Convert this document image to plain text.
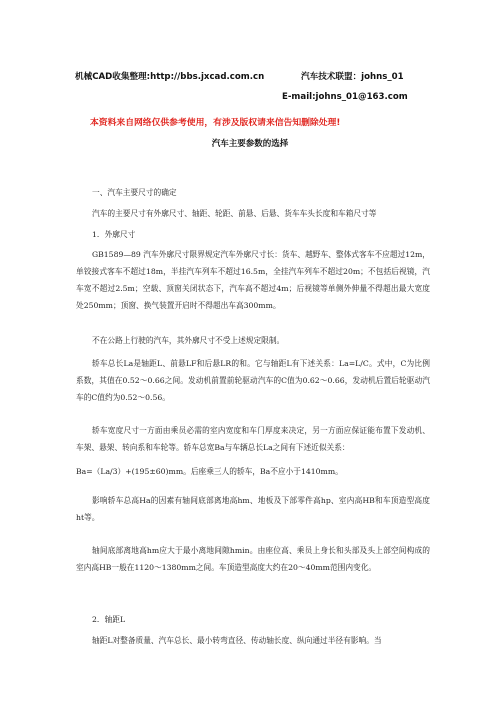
机械CAD收集整理:http://bbs.jxcad.com.cn	汽车技术联盟：johns_01
E-mail:johns_01@163.com
本资料来自网络仅供参考使用，有涉及版权请来信告知删除处理!
汽车主要参数的选择
一、汽车主要尺寸的确定
汽车的主要尺寸有外廓尺寸、轴距、轮距、前悬、后悬、货车车头长度和车箱尺寸等
1．外廓尺寸
GB1589—89 汽车外廓尺寸限界规定汽车外廓尺寸长：货车、越野车、整体式客车不应超过12m，单铰接式客车不超过18m，半挂汽车列车不超过16.5m，全挂汽车列车不超过20m；不包括后视镜，汽车宽不超过2.5m；空载、顶窗关闭状态下，汽车高不超过4m；后视镜等单侧外伸量不得超出最大宽度处250mm；顶窗、换气装置开启时不得超出车高300mm。
不在公路上行驶的汽车，其外廓尺寸不受上述规定限制。
轿车总长La是轴距L、前悬LF和后悬LR的和。它与轴距L有下述关系：La=L/C。式中，C为比例系数，其值在0.52～0.66之间。发动机前置前轮驱动汽车的C值为0.62～0.66，发动机后置后轮驱动汽车的C值约为0.52～0.56。
轿车宽度尺寸一方面由乘员必需的室内宽度和车门厚度来决定，另一方面应保证能布置下发动机、车架、悬架、转向系和车轮等。轿车总宽Ba与车辆总长La之间有下述近似关系：
Ba=（La/3）+(195±60)mm。后座乘三人的轿车，Ba不应小于1410mm。
影响轿车总高Ha的因素有轴间底部离地高hm、地板及下部零件高hp、室内高HB和车顶造型高度ht等。
轴间底部离地高hm应大于最小离地间隙hmin。由座位高、乘员上身长和头部及头上部空间构成的室内高HB一般在1120～1380mm之间。车顶造型高度大约在20～40mm范围内变化。
2．轴距L
轴距L对整备质量、汽车总长、最小转弯直径、传动轴长度、纵向通过半径有影响。当
